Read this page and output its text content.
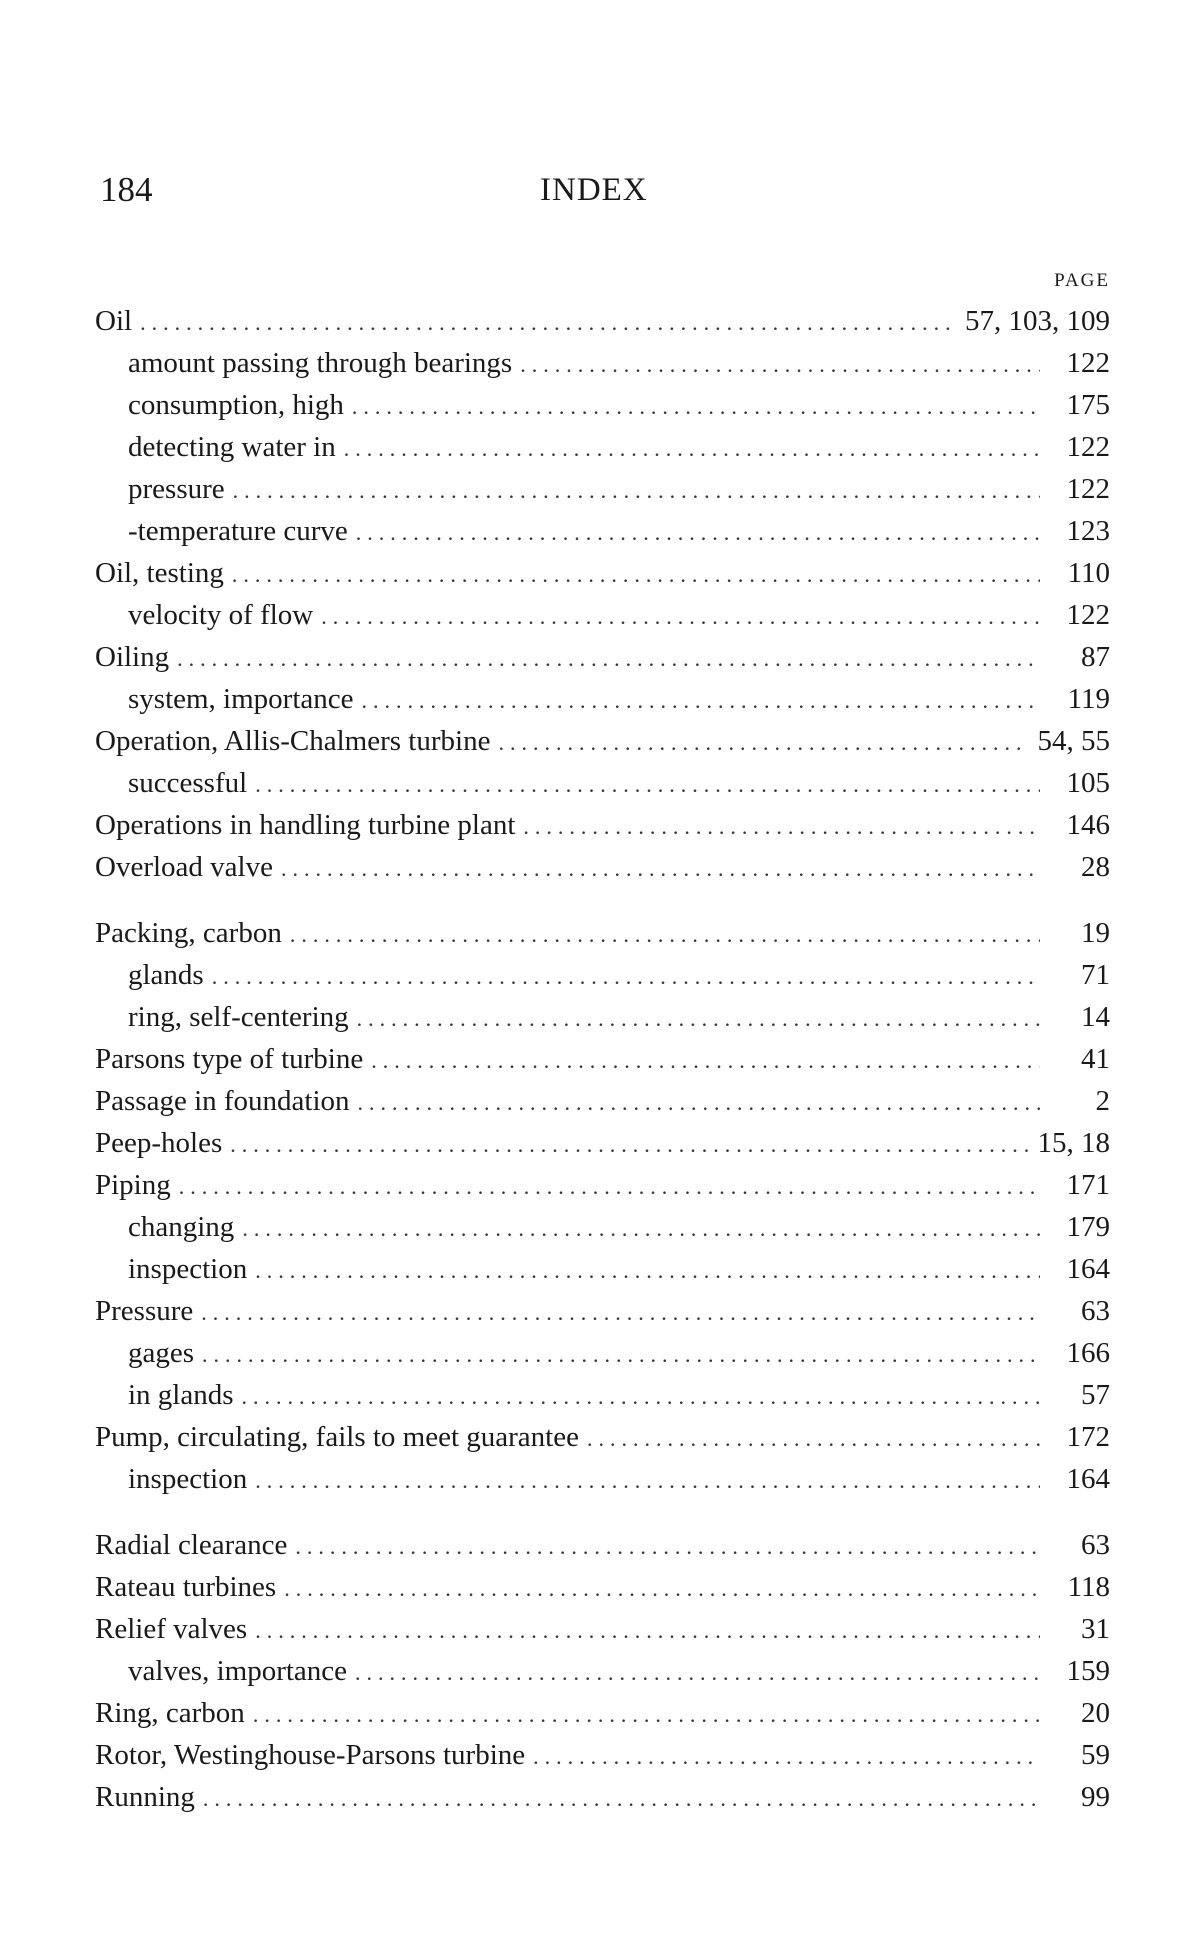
184	INDEX
PAGE
Oil .....	57, 103, 109
amount passing through bearings .....	122
consumption, high .....	175
detecting water in .....	122
pressure .....	122
-temperature curve .....	123
Oil, testing .....	110
velocity of flow .....	122
Oiling .....	87
system, importance .....	119
Operation, Allis-Chalmers turbine .....	54, 55
successful .....	105
Operations in handling turbine plant .....	146
Overload valve .....	28
Packing, carbon .....	19
glands .....	71
ring, self-centering .....	14
Parsons type of turbine .....	41
Passage in foundation .....	2
Peep-holes .....	15, 18
Piping .....	171
changing .....	179
inspection .....	164
Pressure .....	63
gages .....	166
in glands .....	57
Pump, circulating, fails to meet guarantee .....	172
inspection .....	164
Radial clearance .....	63
Rateau turbines .....	118
Relief valves .....	31
valves, importance .....	159
Ring, carbon .....	20
Rotor, Westinghouse-Parsons turbine .....	59
Running .....	99
